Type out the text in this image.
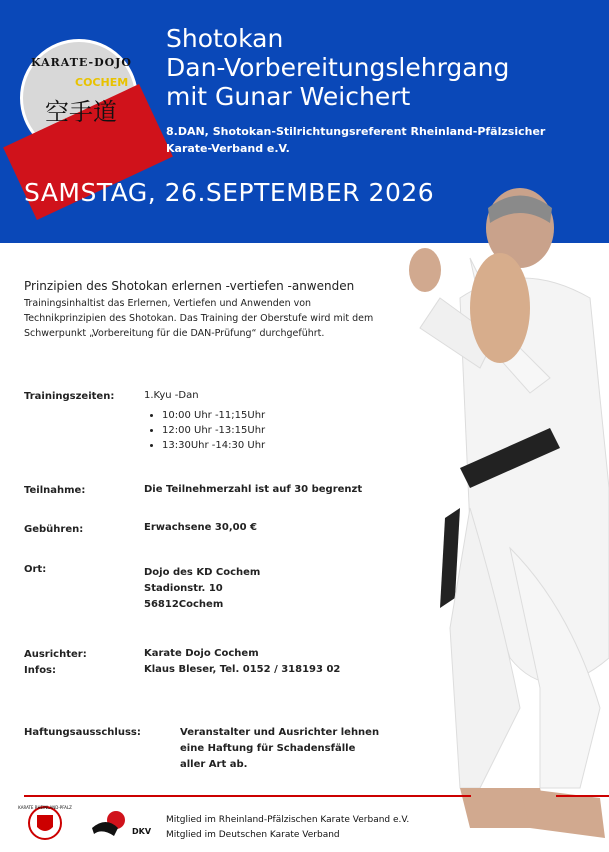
KARATE-DOJO
COCHEM
空手道
Shotokan
Dan-Vorbereitungslehrgang
mit Gunar Weichert
8.DAN, Shotokan-Stilrichtungsreferent Rheinland-Pfälzsicher Karate-Verband e.V.
SAMSTAG, 26.SEPTEMBER 2026
Prinzipien des Shotokan erlernen -vertiefen -anwenden
Trainingsinhaltist das Erlernen, Vertiefen und Anwenden von Technikprinzipien des Shotokan. Das Training der Oberstufe wird mit dem Schwerpunkt „Vorbereitung für die DAN-Prüfung“ durchgeführt.
Trainingszeiten:	1.Kyu -Dan
• 10:00 Uhr -11;15Uhr
• 12:00 Uhr -13:15Uhr
• 13:30Uhr -14:30 Uhr
Teilnahme:	Die Teilnehmerzahl ist auf 30 begrenzt
Gebühren:	Erwachsene 30,00 €
Ort:	Dojo des KD Cochem
Stadionstr. 10
56812Cochem
Ausrichter:	Karate Dojo Cochem
Infos:	Klaus Bleser, Tel. 0152 / 318193 02
Haftungsausschluss:	Veranstalter und Ausrichter lehnen
eine Haftung für Schadensfälle
aller Art ab.
KARATE RHEINLAND-PFALZ
DKV
Mitglied im Rheinland-Pfälzischen Karate Verband e.V.
Mitglied im Deutschen Karate Verband
